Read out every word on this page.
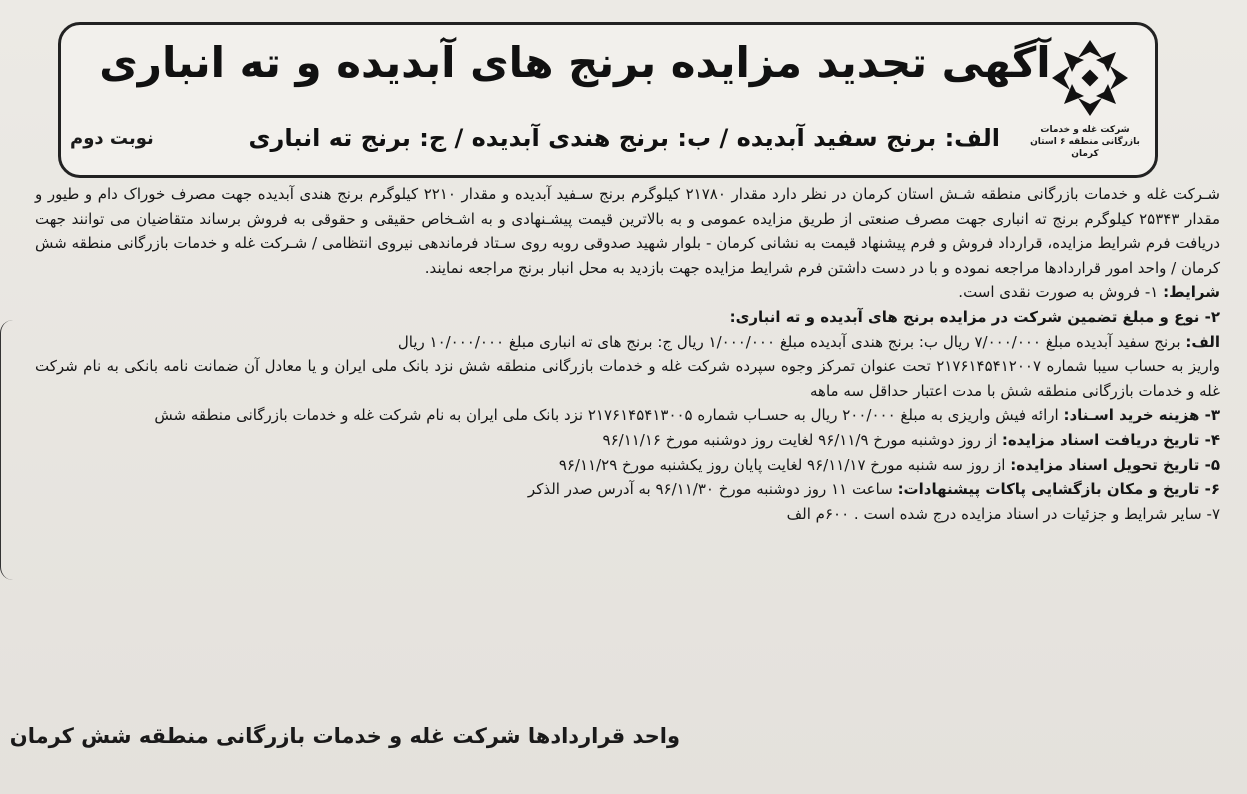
آگهی تجدید مزایده برنج های آبدیده و ته انباری
شرکت غله و خدمات بازرگانی منطقه ۶ استان کرمان
الف: برنج سفید آبدیده / ب: برنج هندی آبدیده / ج: برنج ته انباری
نوبت دوم

شـرکت غله و خدمات بازرگانی منطقه شـش استان کرمان در نظر دارد مقدار ۲۱۷۸۰ کیلوگرم برنج سـفید آبدیده و مقدار ۲۲۱۰ کیلوگرم برنج هندی آبدیده جهت مصرف خوراک دام و طیور و مقدار ۲۵۳۴۳ کیلوگرم برنج ته انباری جهت مصرف صنعتی از طریق مزایده عمومی و به بالاترین قیمت پیشـنهادی و به اشـخاص حقیقی و حقوقی به فروش برساند متقاضیان می توانند جهت دریافت فرم شرایط مزایده، قرارداد فروش و فرم پیشنهاد قیمت به نشانی کرمان - بلوار شهید صدوقی روبه روی سـتاد فرماندهی نیروی انتظامی / شـرکت غله و خدمات بازرگانی منطقه شش کرمان / واحد امور قراردادها مراجعه نموده و با در دست داشتن فرم شرایط مزایده جهت بازدید به محل انبار برنج مراجعه نمایند.

شرایط: ۱- فروش به صورت نقدی است.

۲- نوع و مبلغ تضمین شرکت در مزایده برنج های آبدیده و ته انباری:

الف: برنج سفید آبدیده مبلغ ۷/۰۰۰/۰۰۰ ریال ب: برنج هندی آبدیده مبلغ ۱/۰۰۰/۰۰۰ ریال ج: برنج های ته انباری مبلغ ۱۰/۰۰۰/۰۰۰ ریال

واریز به حساب سیبا شماره ۲۱۷۶۱۴۵۴۱۲۰۰۷ تحت عنوان تمرکز وجوه سپرده شرکت غله و خدمات بازرگانی منطقه شش نزد بانک ملی ایران و یا معادل آن ضمانت نامه بانکی به نام شرکت غله و خدمات بازرگانی منطقه شش با مدت اعتبار حداقل سه ماهه

۳- هزینه خرید اسـناد: ارائه فیش واریزی به مبلغ ۲۰۰/۰۰۰ ریال به حسـاب شماره ۲۱۷۶۱۴۵۴۱۳۰۰۵ نزد بانک ملی ایران به نام شرکت غله و خدمات بازرگانی منطقه شش

۴- تاریخ دریافت اسناد مزایده: از روز دوشنبه مورخ ۹۶/۱۱/۹ لغایت روز دوشنبه مورخ ۹۶/۱۱/۱۶

۵- تاریخ تحویل اسناد مزایده: از روز سه شنبه مورخ ۹۶/۱۱/۱۷ لغایت پایان روز یکشنبه مورخ ۹۶/۱۱/۲۹

۶- تاریخ و مکان بازگشایی پاکات پیشنهادات: ساعت ۱۱ روز دوشنبه مورخ ۹۶/۱۱/۳۰ به آدرس صدر الذکر

۷- سایر شرایط و جزئیات در اسناد مزایده درج شده است . ۶۰۰م الف

واحد قراردادها شرکت غله و خدمات بازرگانی منطقه شش کرمان
